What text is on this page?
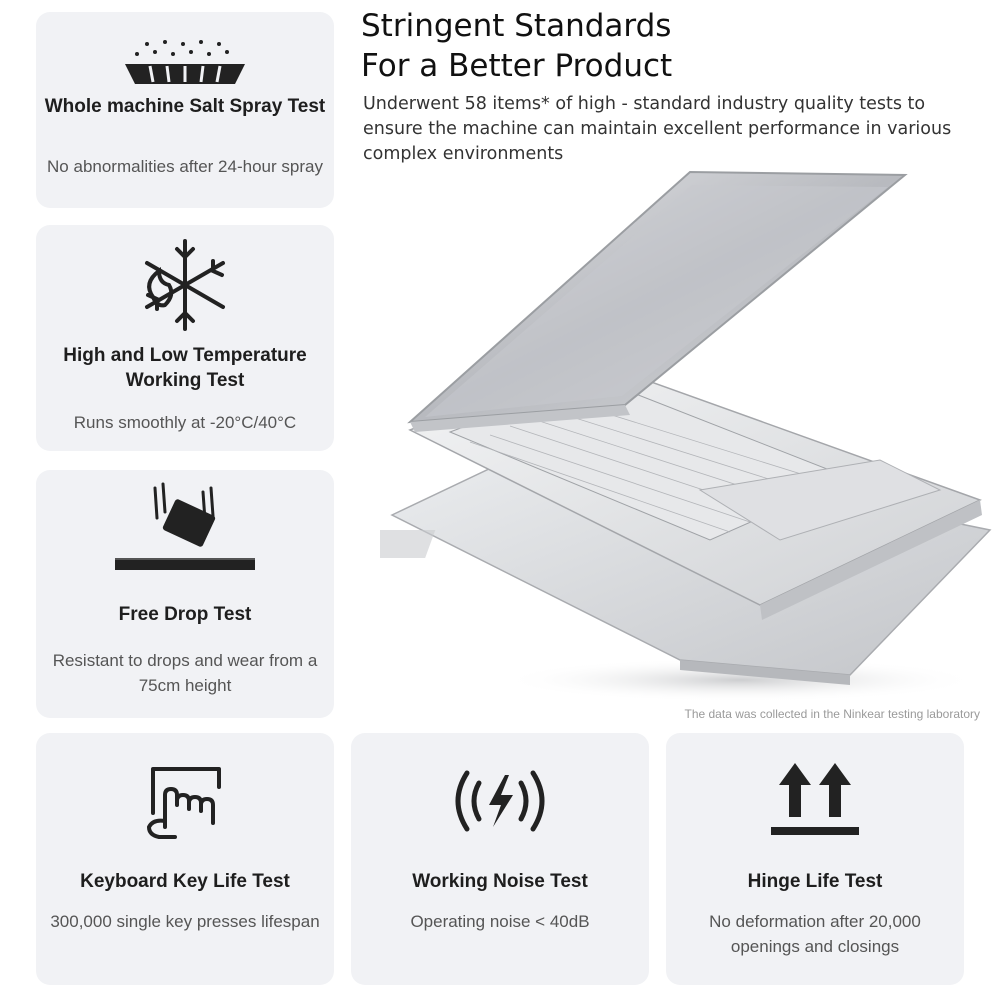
Stringent Standards
For a Better Product
Underwent 58 items* of high - standard industry quality tests to ensure the machine can maintain excellent performance in various complex environments
The data was collected in the Ninkear testing laboratory
Whole machine Salt Spray Test
No abnormalities after 24-hour spray
High and Low Temperature Working Test
Runs smoothly at -20°C/40°C
Free Drop Test
Resistant to drops and wear from a 75cm height
Keyboard Key Life Test
300,000 single key presses lifespan
Working Noise Test
Operating noise < 40dB
Hinge Life Test
No deformation after 20,000 openings and closings
